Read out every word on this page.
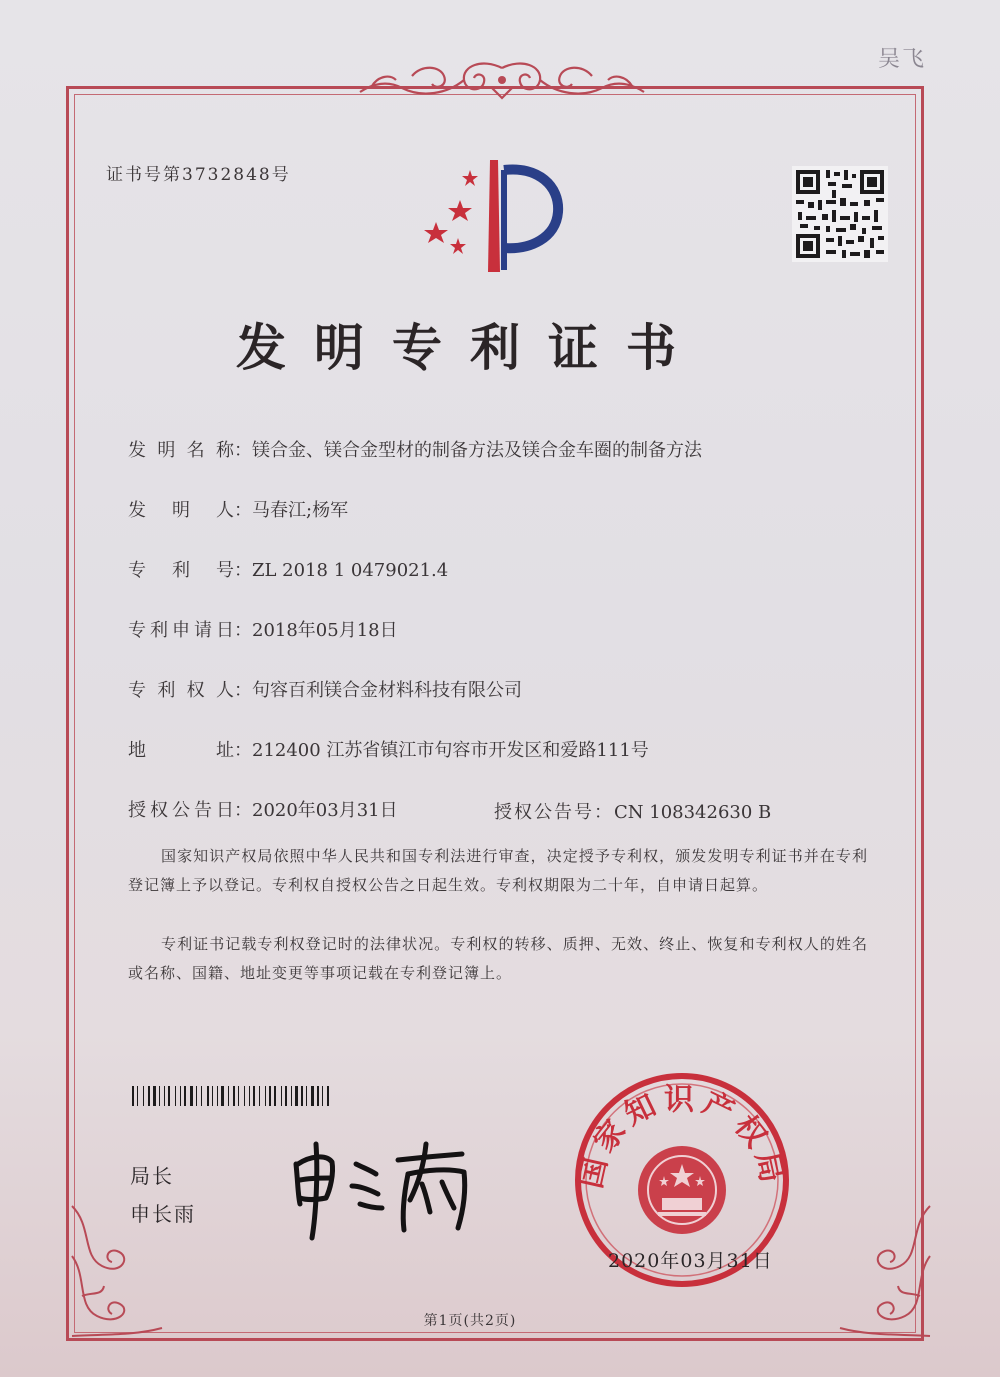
吴飞
证书号第3732848号
发明专利证书
发 明 名 称 ：镁合金、镁合金型材的制备方法及镁合金车圈的制备方法
发 明 人 ：马春江;杨军
专 利 号 ：ZL 2018 1 0479021.4
专 利 申 请 日 ：2018年05月18日
专 利 权 人 ：句容百利镁合金材料科技有限公司
地	址 ：212400 江苏省镇江市句容市开发区和爱路111号
授 权 公 告 日 ：2020年03月31日	授权公告号：CN 108342630 B
国家知识产权局依照中华人民共和国专利法进行审查，决定授予专利权，颁发发明专利证书并在专利登记簿上予以登记。专利权自授权公告之日起生效。专利权期限为二十年，自申请日起算。
专利证书记载专利权登记时的法律状况。专利权的转移、质押、无效、终止、恢复和专利权人的姓名或名称、国籍、地址变更等事项记载在专利登记簿上。
局长
申长雨
国家知识产权局
2020年03月31日
第1页(共2页)
